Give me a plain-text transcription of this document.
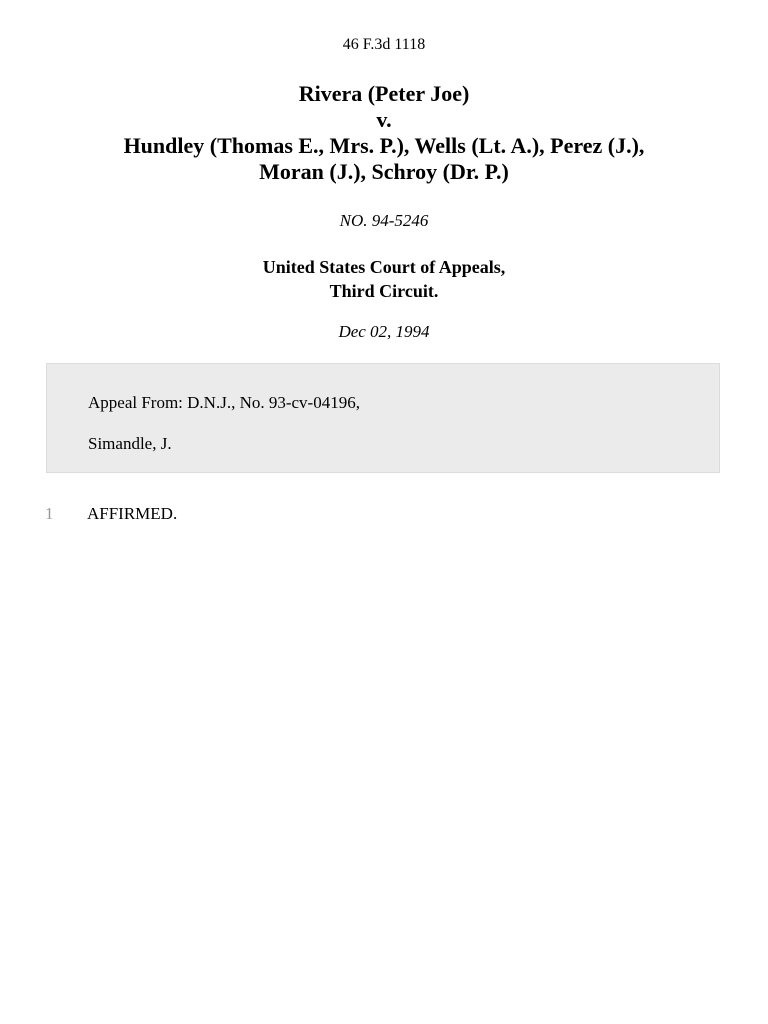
46 F.3d 1118
Rivera (Peter Joe)
v.
Hundley (Thomas E., Mrs. P.), Wells (Lt. A.), Perez (J.),
Moran (J.), Schroy (Dr. P.)
NO. 94-5246
United States Court of Appeals,
Third Circuit.
Dec 02, 1994
Appeal From: D.N.J., No. 93-cv-04196,
Simandle, J.
1 AFFIRMED.
